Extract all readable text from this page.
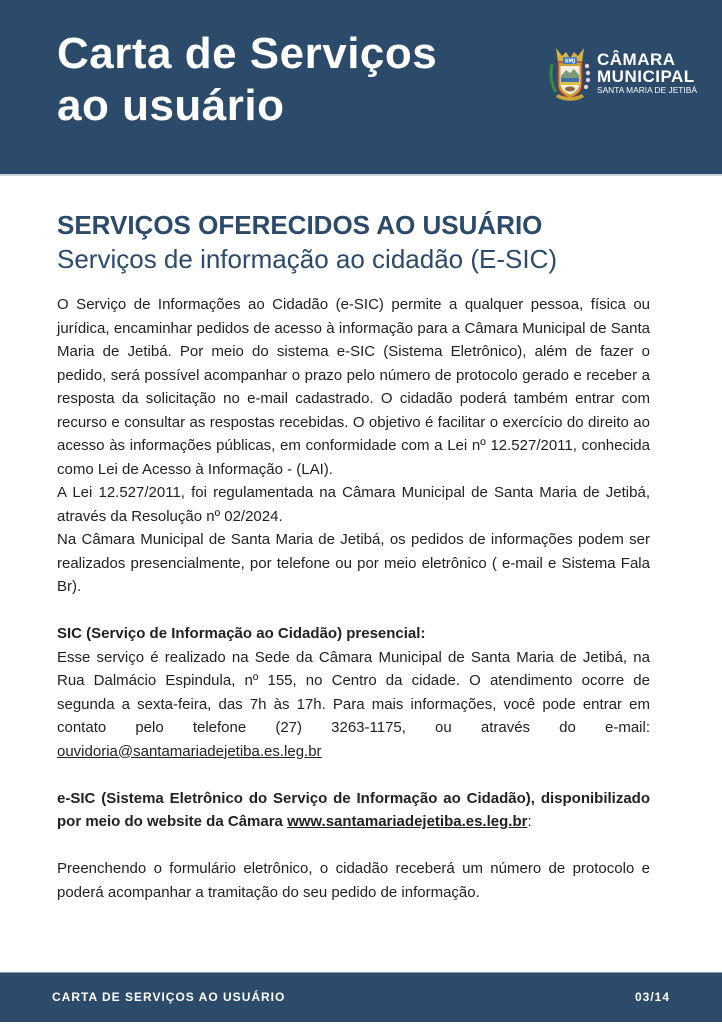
Carta de Serviços
ao usuário
SMJ CÂMARA
MUNICIPAL
SANTA MARIA DE JETIBÁ
SERVIÇOS OFERECIDOS AO USUÁRIO
Serviços de informação ao cidadão (E-SIC)

O Serviço de Informações ao Cidadão (e-SIC) permite a qualquer pessoa, física ou jurídica, encaminhar pedidos de acesso à informação para a Câmara Municipal de Santa Maria de Jetibá. Por meio do sistema e-SIC (Sistema Eletrônico), além de fazer o pedido, será possível acompanhar o prazo pelo número de protocolo gerado e receber a resposta da solicitação no e-mail cadastrado. O cidadão poderá também entrar com recurso e consultar as respostas recebidas. O objetivo é facilitar o exercício do direito ao acesso às informações públicas, em conformidade com a Lei nº 12.527/2011, conhecida como Lei de Acesso à Informação - (LAI).

A Lei 12.527/2011, foi regulamentada na Câmara Municipal de Santa Maria de Jetibá, através da Resolução nº 02/2024.

Na Câmara Municipal de Santa Maria de Jetibá, os pedidos de informações podem ser realizados presencialmente, por telefone ou por meio eletrônico ( e-mail e Sistema Fala Br).

SIC (Serviço de Informação ao Cidadão) presencial:

Esse serviço é realizado na Sede da Câmara Municipal de Santa Maria de Jetibá, na Rua Dalmácio Espindula, nº 155, no Centro da cidade. O atendimento ocorre de segunda a sexta-feira, das 7h às 17h. Para mais informações, você pode entrar em contato pelo telefone (27) 3263-1175, ou através do e-mail: ouvidoria@santamariadejetiba.es.leg.br

e-SIC (Sistema Eletrônico do Serviço de Informação ao Cidadão), disponibilizado por meio do website da Câmara www.santamariadejetiba.es.leg.br:

Preenchendo o formulário eletrônico, o cidadão receberá um número de protocolo e poderá acompanhar a tramitação do seu pedido de informação.

CARTA DE SERVIÇOS AO USUÁRIO	03/14
